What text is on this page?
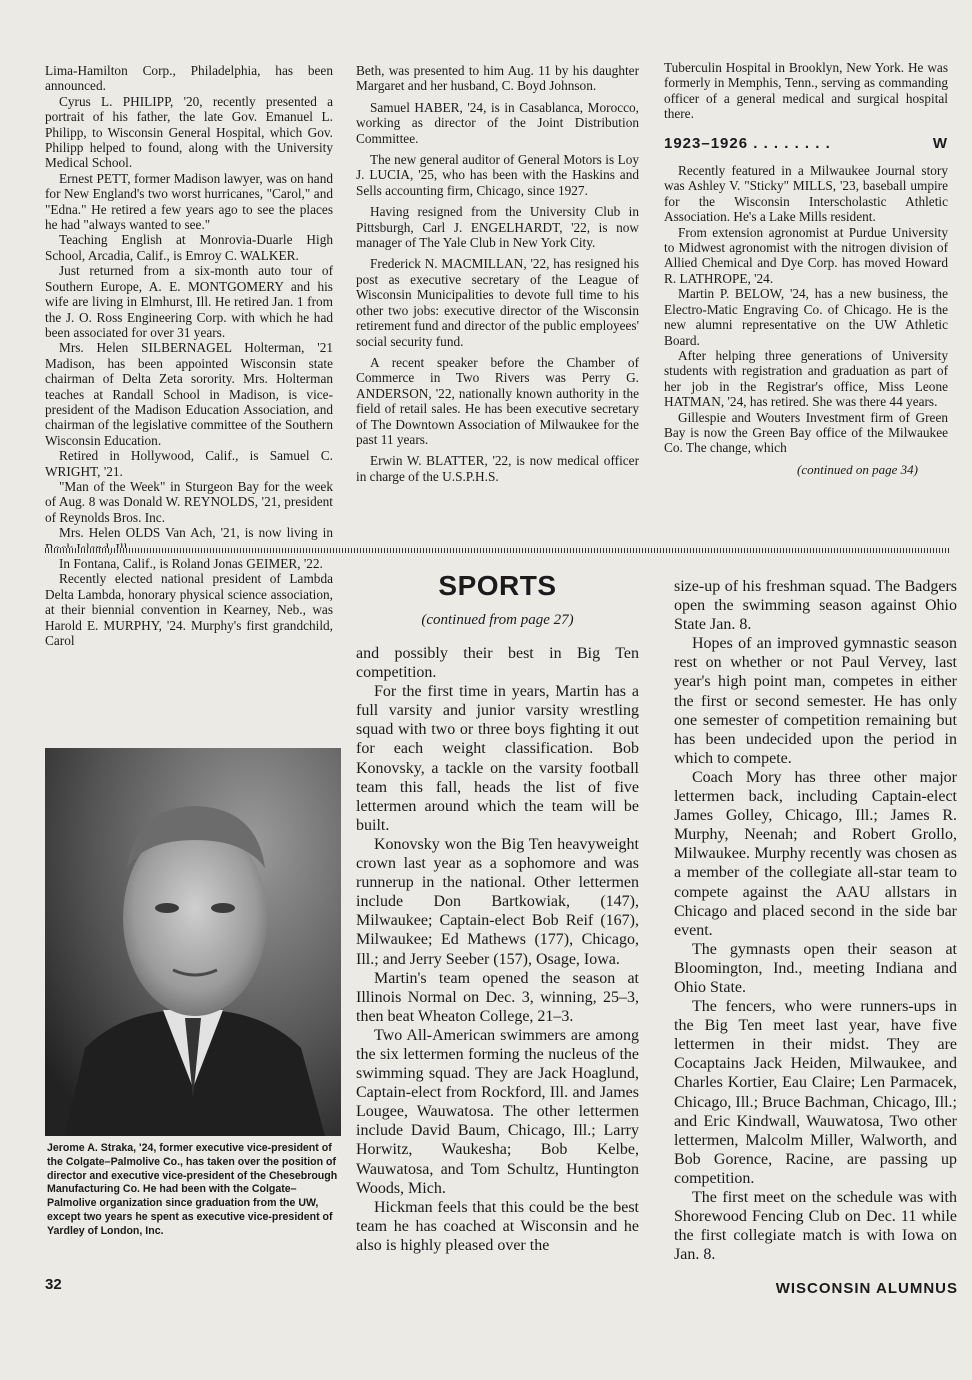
Lima-Hamilton Corp., Philadelphia, has been announced.

Cyrus L. PHILIPP, '20, recently presented a portrait of his father, the late Gov. Emanuel L. Philipp, to Wisconsin General Hospital, which Gov. Philipp helped to found, along with the University Medical School.

Ernest PETT, former Madison lawyer, was on hand for New England's two worst hurricanes, "Carol," and "Edna." He retired a few years ago to see the places he had "always wanted to see."

Teaching English at Monrovia-Duarle High School, Arcadia, Calif., is Emroy C. WALKER.

Just returned from a six-month auto tour of Southern Europe, A. E. MONTGOMERY and his wife are living in Elmhurst, Ill. He retired Jan. 1 from the J. O. Ross Engineering Corp. with which he had been associated for over 31 years.

Mrs. Helen SILBERNAGEL Holterman, '21 Madison, has been appointed Wisconsin state chairman of Delta Zeta sorority. Mrs. Holterman teaches at Randall School in Madison, is vice-president of the Madison Education Association, and chairman of the legislative committee of the Southern Wisconsin Education.

Retired in Hollywood, Calif., is Samuel C. WRIGHT, '21.

"Man of the Week" in Sturgeon Bay for the week of Aug. 8 was Donald W. REYNOLDS, '21, president of Reynolds Bros. Inc.

Mrs. Helen OLDS Van Ach, '21, is now living in

In Fontana, Calif., is Roland Jonas GEIMER, '22.

Recently elected national president of Lambda Delta Lambda, honorary physical science association, at their biennial convention in Kearney, Neb., was Harold E. MURPHY, '24. Murphy's first grandchild, Carol

Beth, was presented to him Aug. 11 by his daughter Margaret and her husband, C. Boyd Johnson.

Samuel HABER, '24, is in Casablanca, Morocco, working as director of the Joint Distribution Committee.

The new general auditor of General Motors is Loy J. LUCIA, '25, who has been with the Haskins and Sells accounting firm, Chicago, since 1927.

Having resigned from the University Club in Pittsburgh, Carl J. ENGELHARDT, '22, is now manager of The Yale Club in New York City.

Frederick N. MACMILLAN, '22, has resigned his post as executive secretary of the League of Wisconsin Municipalities to devote full time to his other two jobs: executive director of the Wisconsin retirement fund and director of the public employees' social security fund.

A recent speaker before the Chamber of Commerce in Two Rivers was Perry G. ANDERSON, '22, nationally known authority in the field of retail sales. He has been executive secretary of The Downtown Association of Milwaukee for the past 11 years.

Erwin W. BLATTER, '22, is now medical officer in charge of the U.S.P.H.S.

Tuberculin Hospital in Brooklyn, New York. He was formerly in Memphis, Tenn., serving as commanding officer of a general medical and surgical hospital there.

1923–1926 . . . . . . . .	W

Recently featured in a Milwaukee Journal story was Ashley V. "Sticky" MILLS, '23, baseball umpire for the Wisconsin Interscholastic Athletic Association. He's a Lake Mills resident.

From extension agronomist at Purdue University to Midwest agronomist with the nitrogen division of Allied Chemical and Dye Corp. has moved Howard R. LATHROPE, '24.

Martin P. BELOW, '24, has a new business, the Electro-Matic Engraving Co. of Chicago. He is the new alumni representative on the UW Athletic Board.

After helping three generations of University students with registration and graduation as part of her job in the Registrar's office, Miss Leone HATMAN, '24, has retired. She was there 44 years.

Gillespie and Wouters Investment firm of Green Bay is now the Green Bay office of the Milwaukee Co. The change, which

(continued on page 34)
Jerome A. Straka, '24, former executive vice-president of the Colgate–Palmolive Co., has taken over the position of director and executive vice-president of the Chesebrough Manufacturing Co. He had been with the Colgate–Palmolive organization since graduation from the UW, except two years he spent as executive vice-president of Yardley of London, Inc.
SPORTS
(continued from page 27)

and possibly their best in Big Ten competition.

For the first time in years, Martin has a full varsity and junior varsity wrestling squad with two or three boys fighting it out for each weight classification. Bob Konovsky, a tackle on the varsity football team this fall, heads the list of five lettermen around which the team will be built.

Konovsky won the Big Ten heavyweight crown last year as a sophomore and was runnerup in the national. Other lettermen include Don Bartkowiak, (147), Milwaukee; Captain-elect Bob Reif (167), Milwaukee; Ed Mathews (177), Chicago, Ill.; and Jerry Seeber (157), Osage, Iowa.

Martin's team opened the season at Illinois Normal on Dec. 3, winning, 25–3, then beat Wheaton College, 21–3.

Two All-American swimmers are among the six lettermen forming the nucleus of the swimming squad. They are Jack Hoaglund, Captain-elect from Rockford, Ill. and James Lougee, Wauwatosa. The other lettermen include David Baum, Chicago, Ill.; Larry Horwitz, Waukesha; Bob Kelbe, Wauwatosa, and Tom Schultz, Huntington Woods, Mich.

Hickman feels that this could be the best team he has coached at Wisconsin and he also is highly pleased over the

size-up of his freshman squad. The Badgers open the swimming season against Ohio State Jan. 8.

Hopes of an improved gymnastic season rest on whether or not Paul Vervey, last year's high point man, competes in either the first or second semester. He has only one semester of competition remaining but has been undecided upon the period in which to compete.

Coach Mory has three other major lettermen back, including Captain-elect James Golley, Chicago, Ill.; James R. Murphy, Neenah; and Robert Grollo, Milwaukee. Murphy recently was chosen as a member of the collegiate all-star team to compete against the AAU allstars in Chicago and placed second in the side bar event.

The gymnasts open their season at Bloomington, Ind., meeting Indiana and Ohio State.

The fencers, who were runners-ups in the Big Ten meet last year, have five lettermen in their midst. They are Cocaptains Jack Heiden, Milwaukee, and Charles Kortier, Eau Claire; Len Parmacek, Chicago, Ill.; Bruce Bachman, Chicago, Ill.; and Eric Kindwall, Wauwatosa, Two other lettermen, Malcolm Miller, Walworth, and Bob Gorence, Racine, are passing up competition.

The first meet on the schedule was with Shorewood Fencing Club on Dec. 11 while the first collegiate match is with Iowa on Jan. 8.

32	WISCONSIN ALUMNUS
